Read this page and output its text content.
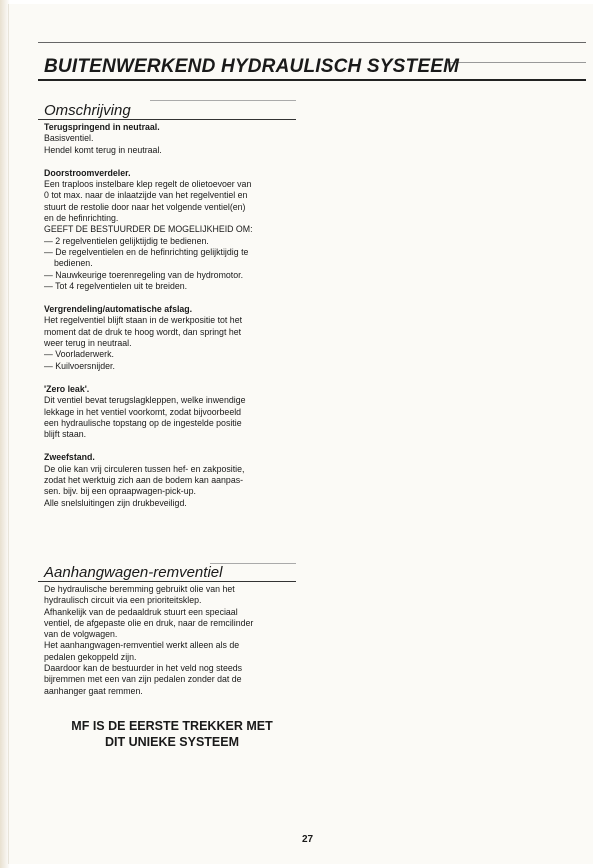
BUITENWERKEND HYDRAULISCH SYSTEEM
Omschrijving

Terugspringend in neutraal.

Basisventiel.

Hendel komt terug in neutraal.

Doorstroomverdeler.

Een traploos instelbare klep regelt de olietoevoer van

0 tot max. naar de inlaatzijde van het regelventiel en

stuurt de restolie door naar het volgende ventiel(en)

en de hefinrichting.

GEEFT DE BESTUURDER DE MOGELIJKHEID OM:

— 2 regelventielen gelijktijdig te bedienen.

— De regelventielen en de hefinrichting gelijktijdig te

bedienen.

— Nauwkeurige toerenregeling van de hydromotor.

— Tot 4 regelventielen uit te breiden.

Vergrendeling/automatische afslag.

Het regelventiel blijft staan in de werkpositie tot het

moment dat de druk te hoog wordt, dan springt het

weer terug in neutraal.

— Voorladerwerk.

— Kuilvoersnijder.

'Zero leak'.

Dit ventiel bevat terugslagkleppen, welke inwendige

lekkage in het ventiel voorkomt, zodat bijvoorbeeld

een hydraulische topstang op de ingestelde positie

blijft staan.

Zweefstand.

De olie kan vrij circuleren tussen hef- en zakpositie,

zodat het werktuig zich aan de bodem kan aanpas-

sen. bijv. bij een opraapwagen-pick-up.

Alle snelsluitingen zijn drukbeveiligd.

Aanhangwagen-remventiel

De hydraulische beremming gebruikt olie van het

hydraulisch circuit via een prioriteitsklep.

Afhankelijk van de pedaaldruk stuurt een speciaal

ventiel, de afgepaste olie en druk, naar de remcilinder

van de volgwagen.

Het aanhangwagen-remventiel werkt alleen als de

pedalen gekoppeld zijn.

Daardoor kan de bestuurder in het veld nog steeds

bijremmen met een van zijn pedalen zonder dat de

aanhanger gaat remmen.

MF IS DE EERSTE TREKKER MET
DIT UNIEKE SYSTEEM
27
